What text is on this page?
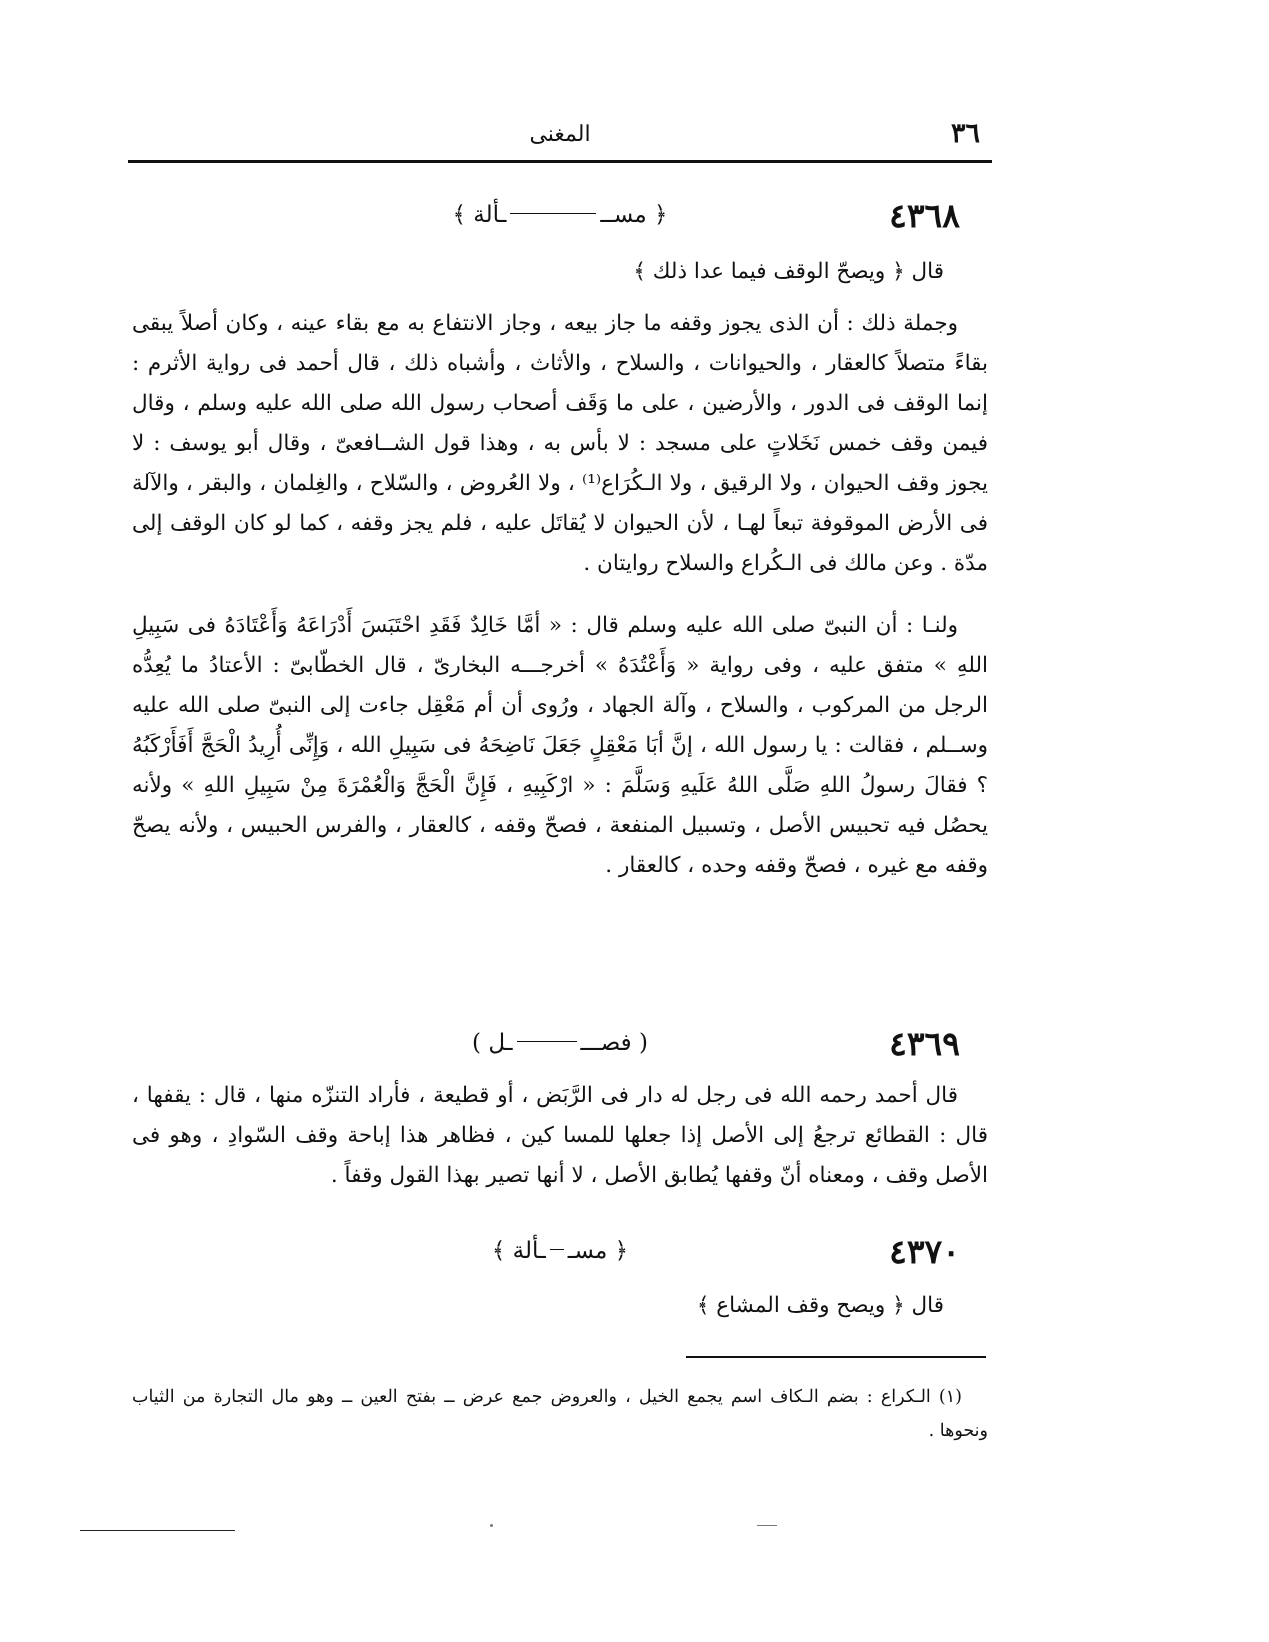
٣٦
المغنى
٤٣٦٨
﴿ مســـألة ﴾

قال ﴿ ويصحّ الوقف فيما عدا ذلك ﴾

وجملة ذلك : أن الذى يجوز وقفه ما جاز بيعه ، وجاز الانتفاع به مع بقاء عينه ، وكان أصلاً يبقى بقاءً متصلاً كالعقار ، والحيوانات ، والسلاح ، والأثاث ، وأشباه ذلك ، قال أحمد فى رواية الأثرم : إنما الوقف فى الدور ، والأرضين ، على ما وَقَف أصحاب رسول الله صلى الله عليه وسلم ، وقال فيمن وقف خمس نَخَلاتٍ على مسجد : لا بأس به ، وهذا قول الشــافعىّ ، وقال أبو يوسف : لا يجوز وقف الحيوان ، ولا الرقيق ، ولا الـكُرَاع⁽¹⁾ ، ولا العُروض ، والسّلاح ، والغِلمان ، والبقر ، والآلة فى الأرض الموقوفة تبعاً لهـا ، لأن الحيوان لا يُقاتَل عليه ، فلم يجز وقفه ، كما لو كان الوقف إلى مدّة . وعن مالك فى الـكُراع والسلاح روايتان .

ولنـا : أن النبىّ صلى الله عليه وسلم قال : « أمَّا خَالِدٌ فَقَدِ احْتَبَسَ أَدْرَاعَهُ وَأَعْتَادَهُ فى سَبِيلِ اللهِ » متفق عليه ، وفى رواية « وَأَعْتُدَهُ » أخرجـــه البخارىّ ، قال الخطّابىّ : الأعتادُ ما يُعِدُّه الرجل من المركوب ، والسلاح ، وآلة الجهاد ، ورُوى أن أم مَعْقِل جاءت إلى النبىّ صلى الله عليه وســلم ، فقالت : يا رسول الله ، إنَّ أبَا مَعْقِلٍ جَعَلَ نَاضِحَهُ فى سَبِيلِ الله ، وَإِنِّى أُرِيدُ الْحَجَّ أَفَأَرْكَبُهُ ؟ فقالَ رسولُ اللهِ صَلَّى اللهُ عَلَيهِ وَسَلَّمَ : « ارْكَبِيهِ ، فَإِنَّ الْحَجَّ وَالْعُمْرَةَ مِنْ سَبِيلِ اللهِ » ولأنه يحصُل فيه تحبيس الأصل ، وتسبيل المنفعة ، فصحّ وقفه ، كالعقار ، والفرس الحبيس ، ولأنه يصحّ وقفه مع غيره ، فصحّ وقفه وحده ، كالعقار .

٤٣٦٩
( فصــــل )

قال أحمد رحمه الله فى رجل له دار فى الرَّبَض ، أو قطيعة ، فأراد التنزّه منها ، قال : يقفها ، قال : القطائع ترجعُ إلى الأصل إذا جعلها للمسا كين ، فظاهر هذا إباحة وقف السّوادِ ، وهو فى الأصل وقف ، ومعناه أنّ وقفها يُطابق الأصل ، لا أنها تصير بهذا القول وقفاً .

٤٣٧٠
﴿ مســألة ﴾

قال ﴿ ويصح وقف المشاع ﴾

(١) الـكراع : بضم الـكاف اسم يجمع الخيل ، والعروض جمع عرض ــ بفتح العين ــ وهو مال التجارة من الثياب ونحوها .
